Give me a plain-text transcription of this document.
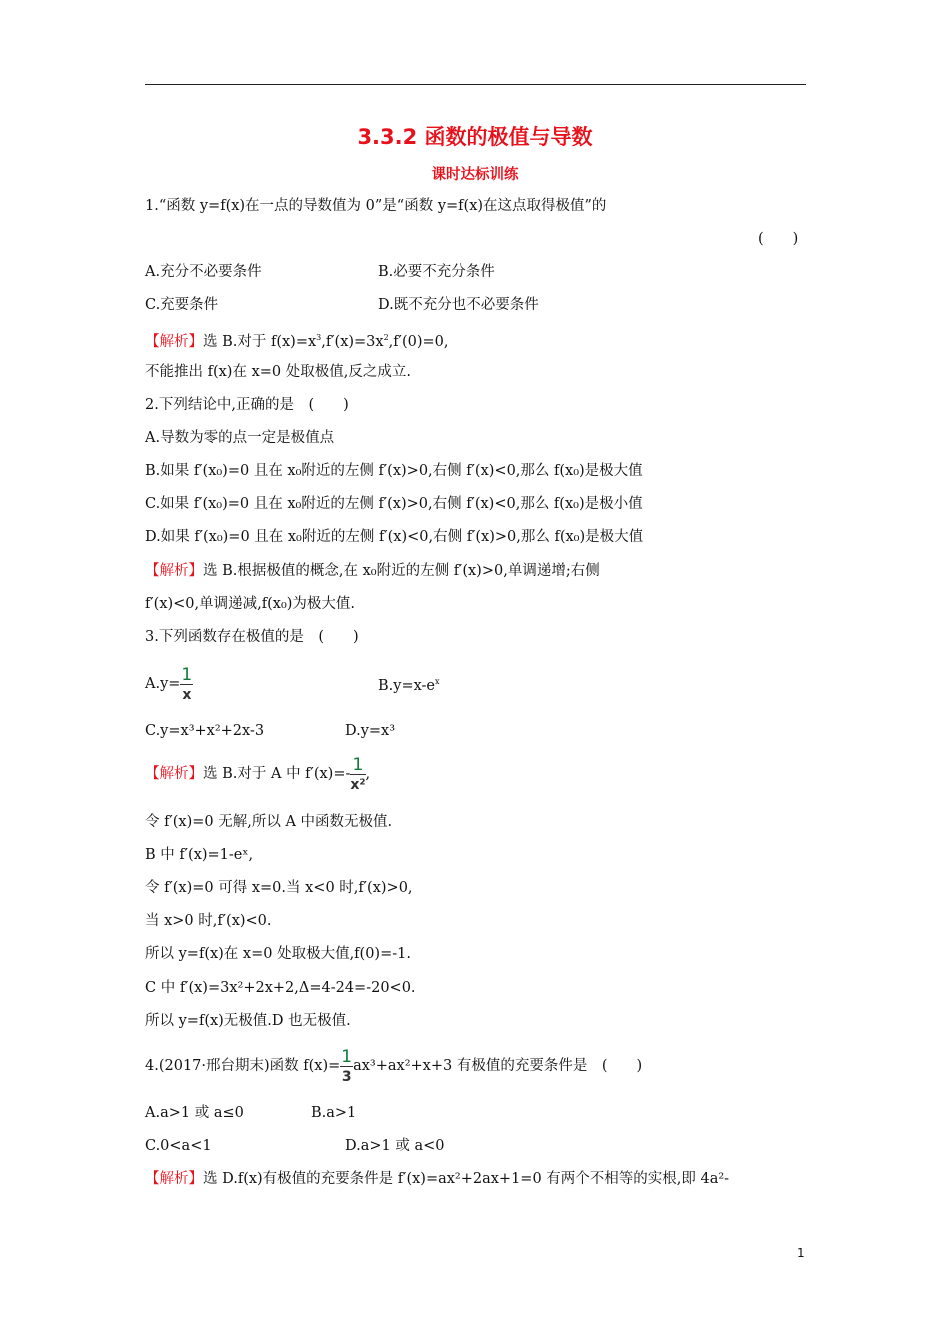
3.3.2 函数的极值与导数
课时达标训练
1.“函数 y=f(x)在一点的导数值为 0”是“函数 y=f(x)在这点取得极值”的
(　　)
A.充分不必要条件	B.必要不充分条件
C.充要条件	D.既不充分也不必要条件
【解析】选 B.对于 $f(x)=x^3,f'(x)=3x^2,f'(0)=0$,
不能推出 f(x)在 x=0 处取极值,反之成立.
2.下列结论中,正确的是　(　　)
A.导数为零的点一定是极值点
B.如果 f′(x₀)=0 且在 x₀附近的左侧 f′(x)>0,右侧 f′(x)<0,那么 f(x₀)是极大值
C.如果 f′(x₀)=0 且在 x₀附近的左侧 f′(x)>0,右侧 f′(x)<0,那么 f(x₀)是极小值
D.如果 f′(x₀)=0 且在 x₀附近的左侧 f′(x)<0,右侧 f′(x)>0,那么 f(x₀)是极大值
【解析】选 B.根据极值的概念,在 x₀附近的左侧 f′(x)>0,单调递增;右侧
f′(x)<0,单调递减,f(x₀)为极大值.
3.下列函数存在极值的是　(　　)
$A.y= \frac{1}{x}$	$B.y=x-e^x$
C.y=x³+x²+2x-3	D.y=x³
【解析】选 B.对于 A 中 $f'(x)=- \frac{1}{\text{x²}}$ ,
令 f′(x)=0 无解,所以 A 中函数无极值.
B 中 f′(x)=1-eˣ,
令 f′(x)=0 可得 x=0.当 x<0 时,f′(x)>0,
当 x>0 时,f′(x)<0.
所以 y=f(x)在 x=0 处取极大值,f(0)=-1.
C 中 f′(x)=3x²+2x+2,Δ=4-24=-20<0.
所以 y=f(x)无极值.D 也无极值.
4.(2017·邢台期末)函数 $f(x)= \frac{1}{3} ax^3+ax^2+x+3$ 有极值的充要条件是　(　　)
A.a>1 或 a≤0	B.a>1
C.0<a<1	D.a>1 或 a<0
【解析】选 D.f(x)有极值的充要条件是 f′(x)=ax²+2ax+1=0 有两个不相等的实根,即 4a²-
1
